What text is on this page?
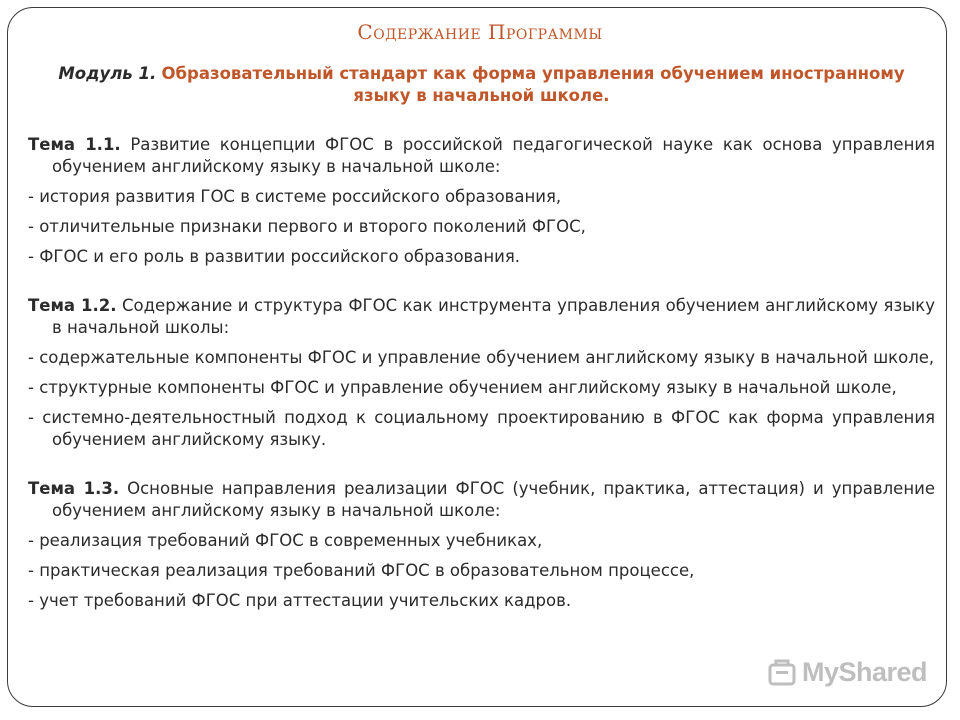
Содержание Программы
Модуль 1. Образовательный стандарт как форма управления обучением иностранному языку в начальной школе.
Тема 1.1. Развитие концепции ФГОС в российской педагогической науке как основа управления обучением английскому языку в начальной школе:
- история развития ГОС в системе российского образования,
- отличительные признаки первого и второго поколений ФГОС,
- ФГОС и его роль в развитии российского образования.
Тема 1.2. Содержание и структура ФГОС как инструмента управления обучением английскому языку в начальной школы:
- содержательные компоненты ФГОС и управление обучением английскому языку в начальной школе,
- структурные компоненты ФГОС и управление обучением английскому языку в начальной школе,
- системно-деятельностный подход к социальному проектированию в ФГОС как форма управления обучением английскому языку.
Тема 1.3. Основные направления реализации ФГОС (учебник, практика, аттестация) и управление обучением английскому языку в начальной школе:
- реализация требований ФГОС в современных учебниках,
- практическая реализация требований ФГОС в образовательном процессе,
- учет требований ФГОС при аттестации учительских кадров.
MyShared
